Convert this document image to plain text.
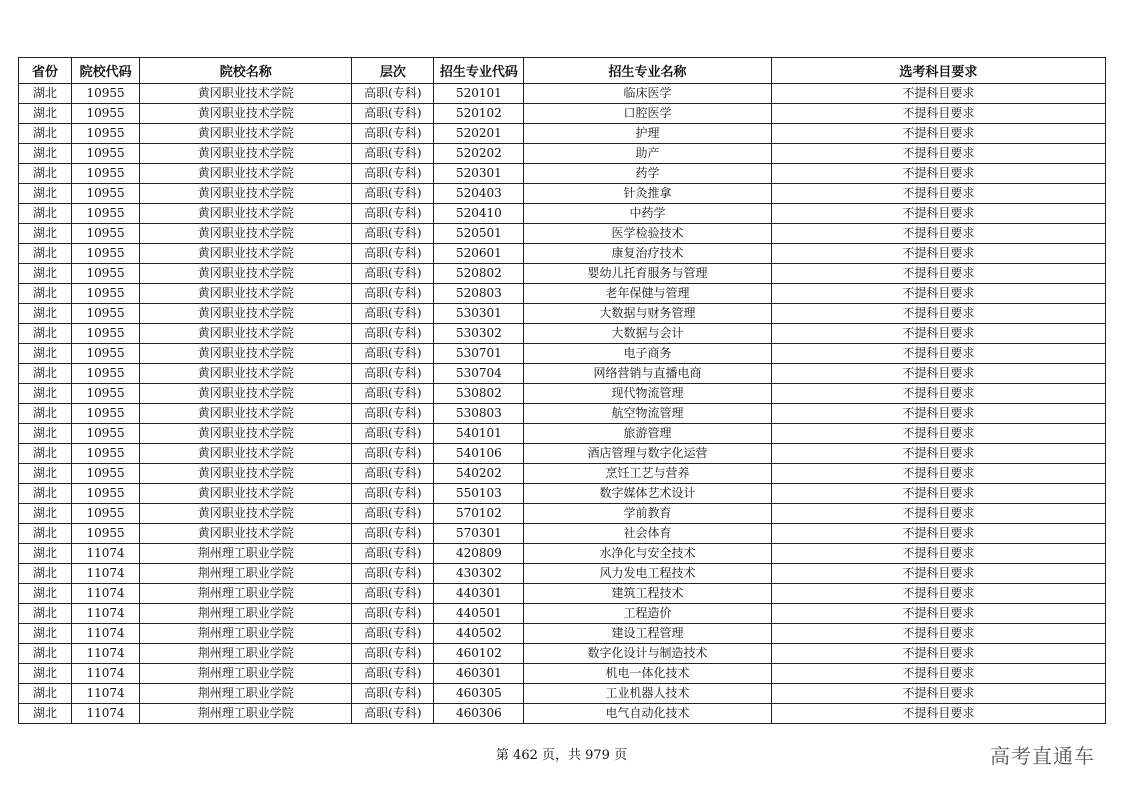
省份	院校代码	院校名称	层次	招生专业代码	招生专业名称	选考科目要求
湖北	10955	黄冈职业技术学院	高职(专科)	520101	临床医学	不提科目要求
湖北	10955	黄冈职业技术学院	高职(专科)	520102	口腔医学	不提科目要求
湖北	10955	黄冈职业技术学院	高职(专科)	520201	护理	不提科目要求
湖北	10955	黄冈职业技术学院	高职(专科)	520202	助产	不提科目要求
湖北	10955	黄冈职业技术学院	高职(专科)	520301	药学	不提科目要求
湖北	10955	黄冈职业技术学院	高职(专科)	520403	针灸推拿	不提科目要求
湖北	10955	黄冈职业技术学院	高职(专科)	520410	中药学	不提科目要求
湖北	10955	黄冈职业技术学院	高职(专科)	520501	医学检验技术	不提科目要求
湖北	10955	黄冈职业技术学院	高职(专科)	520601	康复治疗技术	不提科目要求
湖北	10955	黄冈职业技术学院	高职(专科)	520802	婴幼儿托育服务与管理	不提科目要求
湖北	10955	黄冈职业技术学院	高职(专科)	520803	老年保健与管理	不提科目要求
湖北	10955	黄冈职业技术学院	高职(专科)	530301	大数据与财务管理	不提科目要求
湖北	10955	黄冈职业技术学院	高职(专科)	530302	大数据与会计	不提科目要求
湖北	10955	黄冈职业技术学院	高职(专科)	530701	电子商务	不提科目要求
湖北	10955	黄冈职业技术学院	高职(专科)	530704	网络营销与直播电商	不提科目要求
湖北	10955	黄冈职业技术学院	高职(专科)	530802	现代物流管理	不提科目要求
湖北	10955	黄冈职业技术学院	高职(专科)	530803	航空物流管理	不提科目要求
湖北	10955	黄冈职业技术学院	高职(专科)	540101	旅游管理	不提科目要求
湖北	10955	黄冈职业技术学院	高职(专科)	540106	酒店管理与数字化运营	不提科目要求
湖北	10955	黄冈职业技术学院	高职(专科)	540202	烹饪工艺与营养	不提科目要求
湖北	10955	黄冈职业技术学院	高职(专科)	550103	数字媒体艺术设计	不提科目要求
湖北	10955	黄冈职业技术学院	高职(专科)	570102	学前教育	不提科目要求
湖北	10955	黄冈职业技术学院	高职(专科)	570301	社会体育	不提科目要求
湖北	11074	荆州理工职业学院	高职(专科)	420809	水净化与安全技术	不提科目要求
湖北	11074	荆州理工职业学院	高职(专科)	430302	风力发电工程技术	不提科目要求
湖北	11074	荆州理工职业学院	高职(专科)	440301	建筑工程技术	不提科目要求
湖北	11074	荆州理工职业学院	高职(专科)	440501	工程造价	不提科目要求
湖北	11074	荆州理工职业学院	高职(专科)	440502	建设工程管理	不提科目要求
湖北	11074	荆州理工职业学院	高职(专科)	460102	数字化设计与制造技术	不提科目要求
湖北	11074	荆州理工职业学院	高职(专科)	460301	机电一体化技术	不提科目要求
湖北	11074	荆州理工职业学院	高职(专科)	460305	工业机器人技术	不提科目要求
湖北	11074	荆州理工职业学院	高职(专科)	460306	电气自动化技术	不提科目要求
第 462 页，共 979 页	高考直通车
